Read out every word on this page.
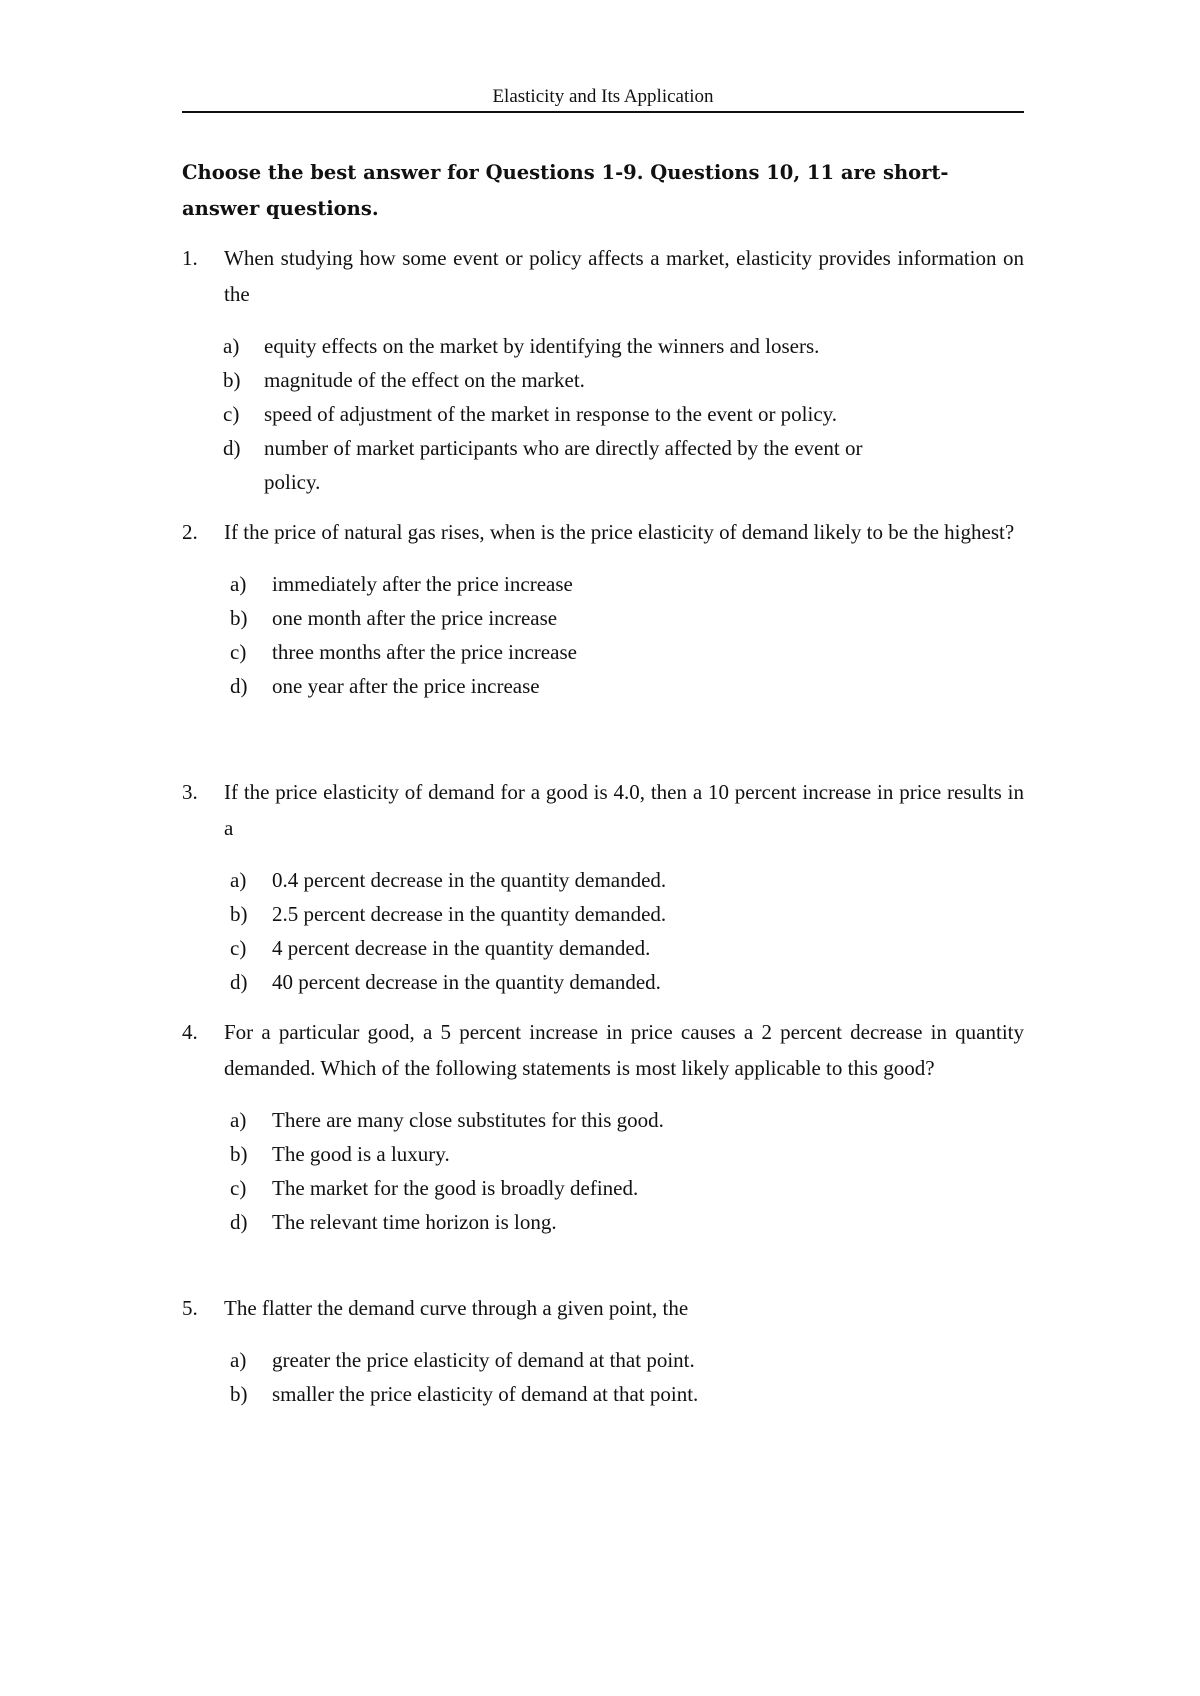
Elasticity and Its Application
Choose the best answer for Questions 1-9. Questions 10, 11 are short-answer questions.
1. When studying how some event or policy affects a market, elasticity provides information on the
a) equity effects on the market by identifying the winners and losers.
b) magnitude of the effect on the market.
c) speed of adjustment of the market in response to the event or policy.
d) number of market participants who are directly affected by the event or policy.
2. If the price of natural gas rises, when is the price elasticity of demand likely to be the highest?
a) immediately after the price increase
b) one month after the price increase
c) three months after the price increase
d) one year after the price increase
3. If the price elasticity of demand for a good is 4.0, then a 10 percent increase in price results in a
a) 0.4 percent decrease in the quantity demanded.
b) 2.5 percent decrease in the quantity demanded.
c) 4 percent decrease in the quantity demanded.
d) 40 percent decrease in the quantity demanded.
4. For a particular good, a 5 percent increase in price causes a 2 percent decrease in quantity demanded. Which of the following statements is most likely applicable to this good?
a) There are many close substitutes for this good.
b) The good is a luxury.
c) The market for the good is broadly defined.
d) The relevant time horizon is long.
5. The flatter the demand curve through a given point, the
a) greater the price elasticity of demand at that point.
b) smaller the price elasticity of demand at that point.
